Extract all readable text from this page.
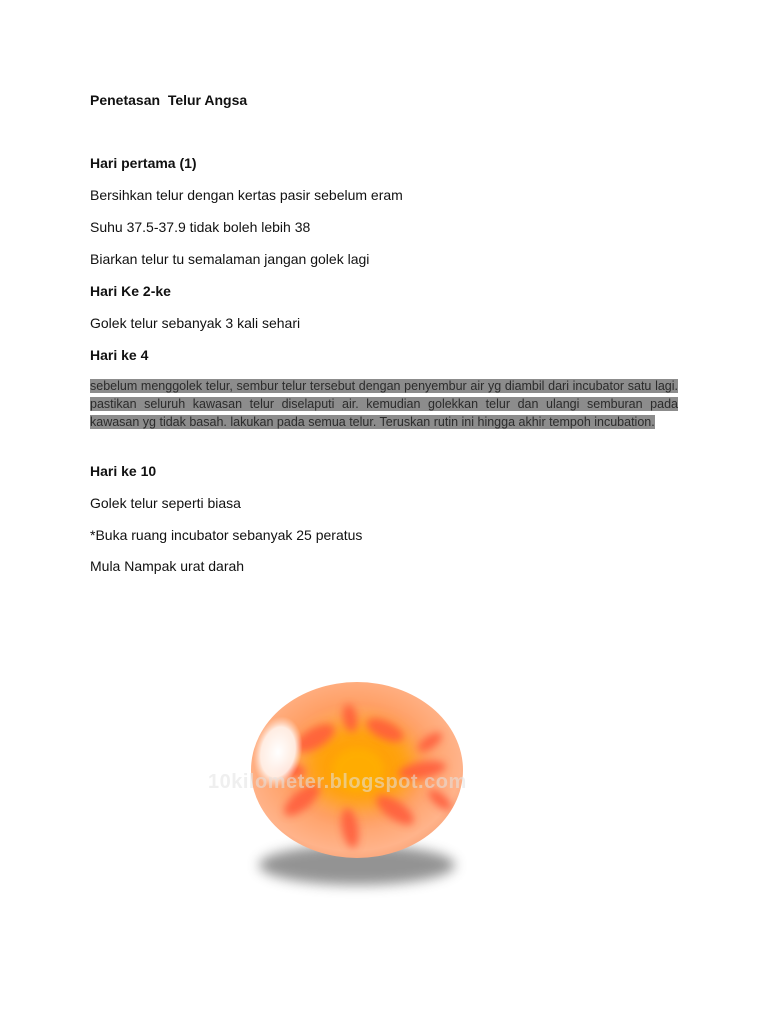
Penetasan  Telur Angsa
Hari pertama (1)
Bersihkan telur dengan kertas pasir sebelum eram
Suhu 37.5-37.9 tidak boleh lebih 38
Biarkan telur tu semalaman jangan golek lagi
Hari Ke 2-ke
Golek telur sebanyak 3 kali sehari
Hari ke 4
sebelum menggolek telur, sembur telur tersebut dengan penyembur air yg diambil dari incubator satu lagi. pastikan seluruh kawasan telur diselaputi air. kemudian golekkan telur dan ulangi semburan pada kawasan yg tidak basah. lakukan pada semua telur. Teruskan rutin ini hingga akhir tempoh incubation.
Hari ke 10
Golek telur seperti biasa
*Buka ruang incubator sebanyak 25 peratus
Mula Nampak urat darah
10kilometer.blogspot.com
